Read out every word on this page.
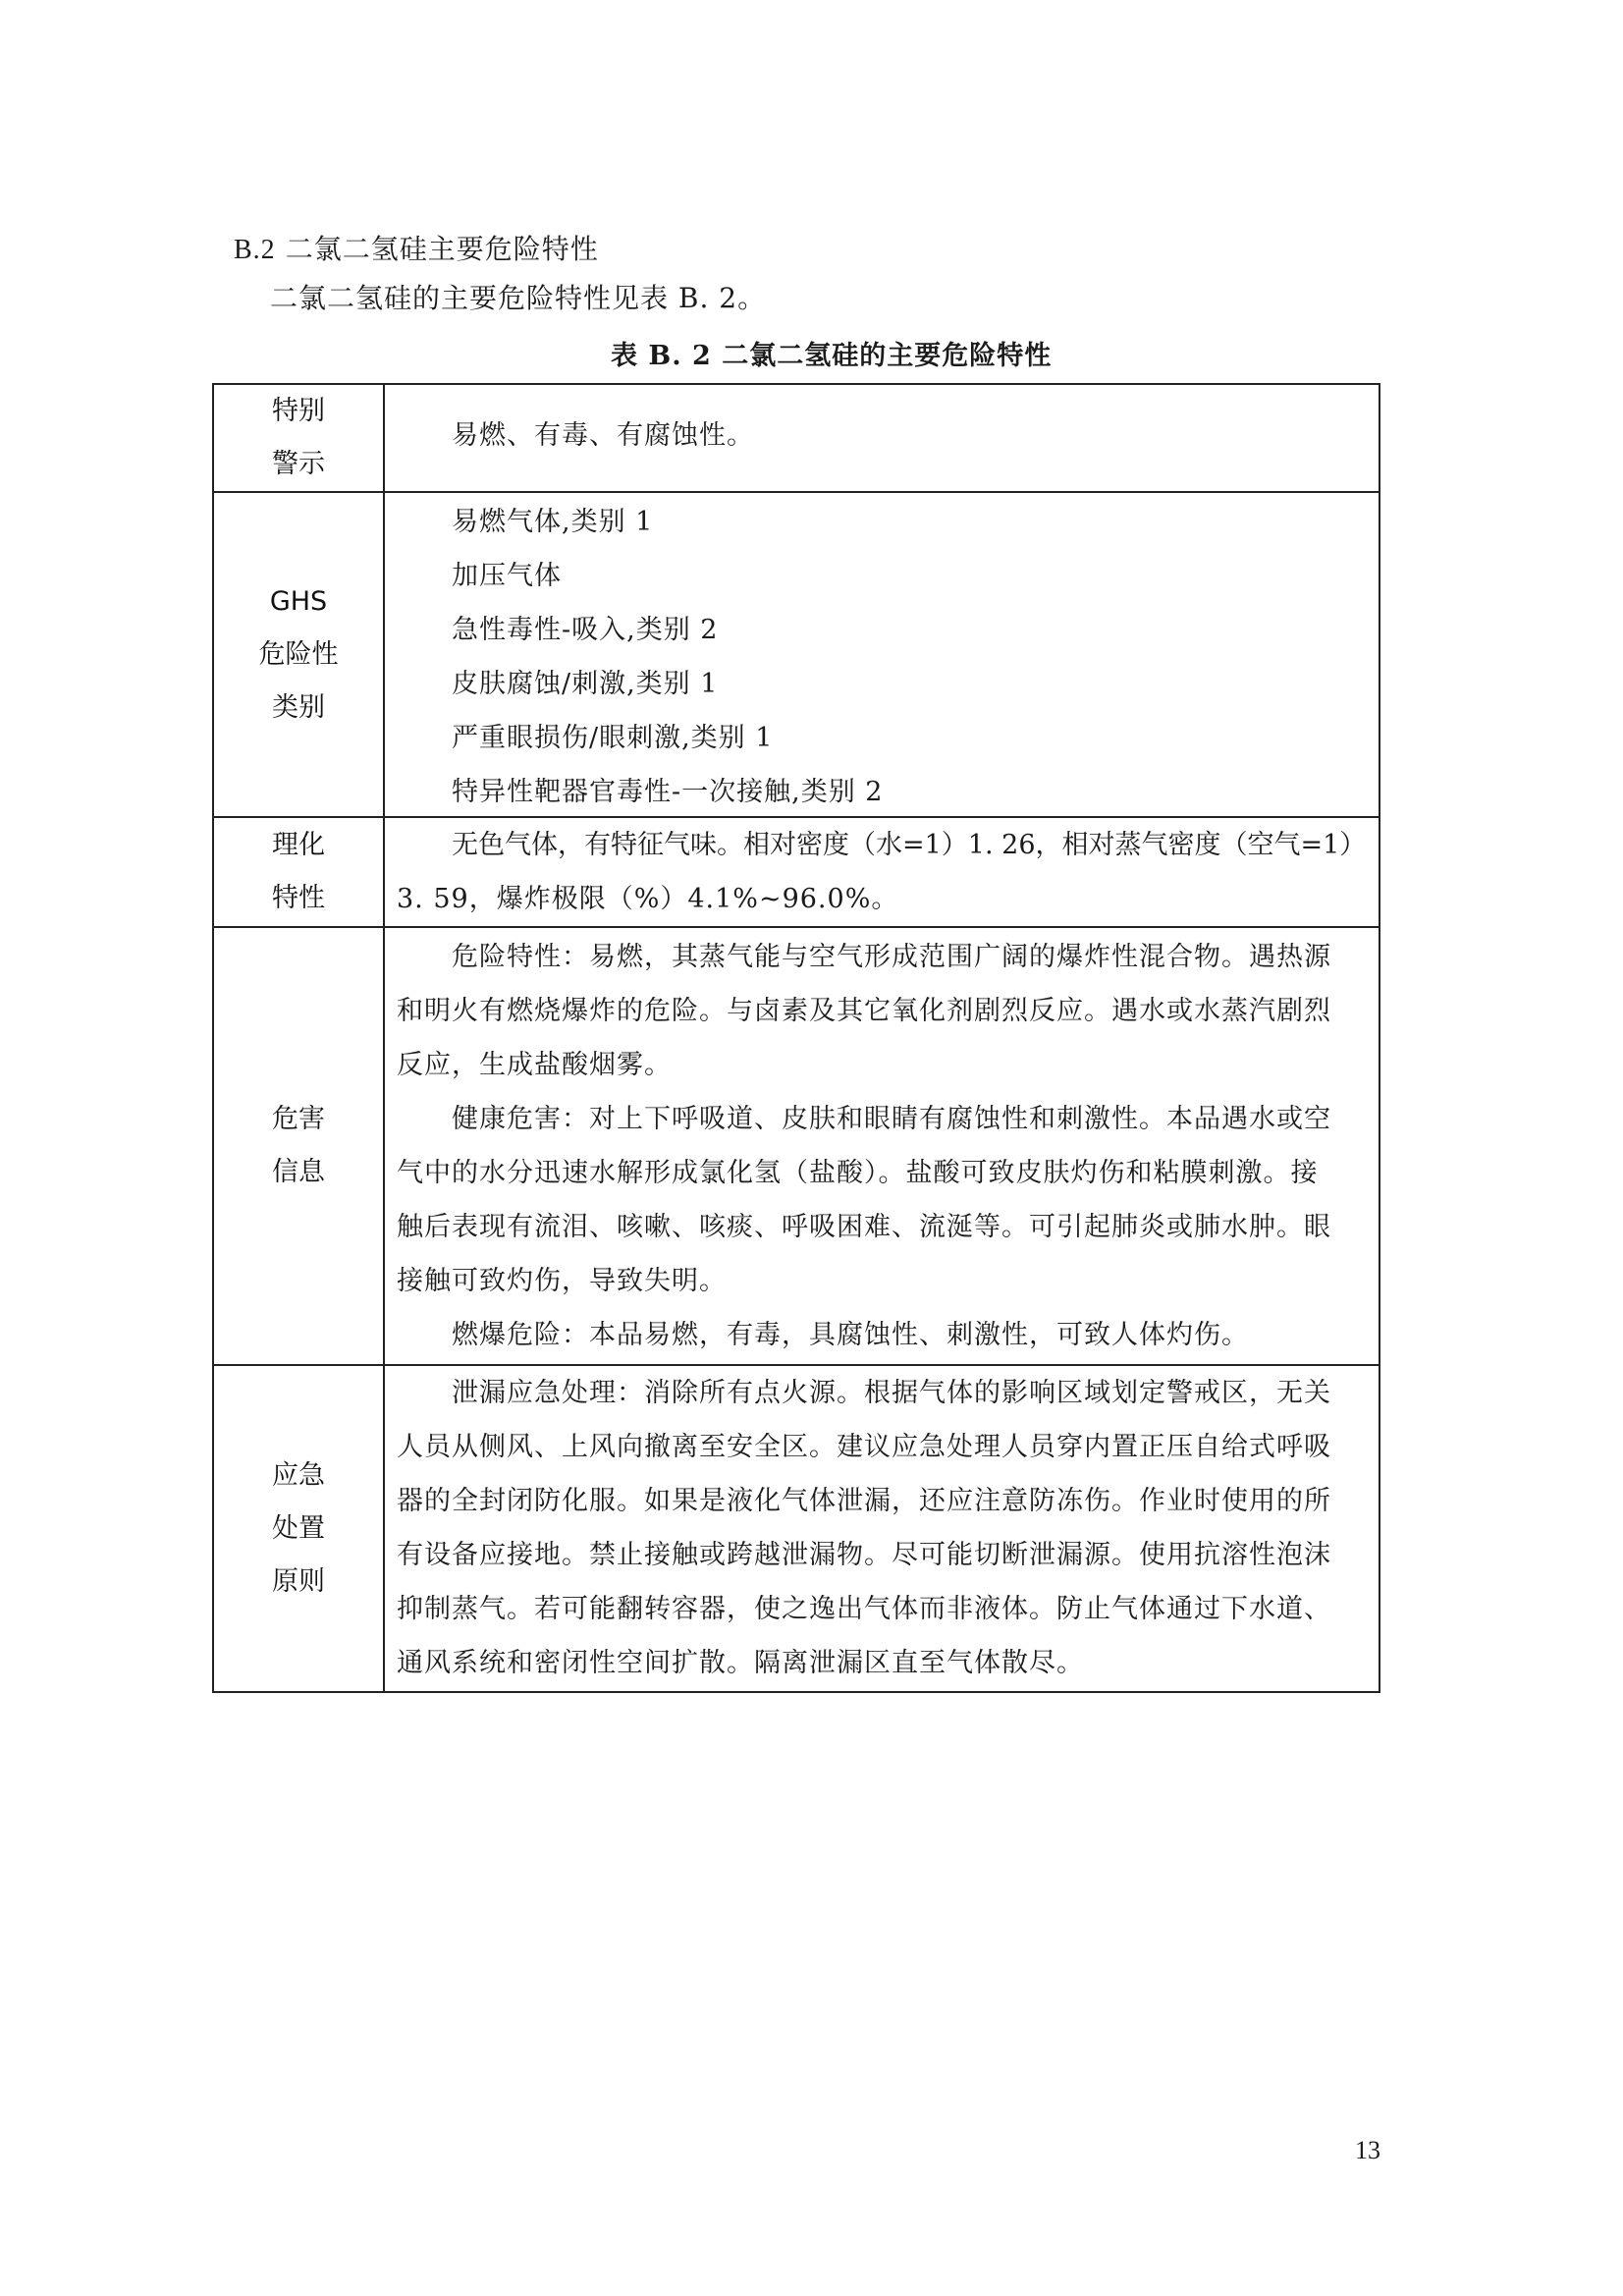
B.2 二氯二氢硅主要危险特性
二氯二氢硅的主要危险特性见表 B. 2。
表 B. 2 二氯二氢硅的主要危险特性
特别
警示
易燃、有毒、有腐蚀性。
GHS
危险性
类别
易燃气体,类别 1
加压气体
急性毒性-吸入,类别 2
皮肤腐蚀/刺激,类别 1
严重眼损伤/眼刺激,类别 1
特异性靶器官毒性-一次接触,类别 2
理化
特性
无色气体，有特征气味。相对密度（水=1）1. 26，相对蒸气密度（空气=1）
3. 59，爆炸极限（%）4.1%~96.0%。
危害
信息
危险特性：易燃，其蒸气能与空气形成范围广阔的爆炸性混合物。遇热源
和明火有燃烧爆炸的危险。与卤素及其它氧化剂剧烈反应。遇水或水蒸汽剧烈
反应，生成盐酸烟雾。
健康危害：对上下呼吸道、皮肤和眼睛有腐蚀性和刺激性。本品遇水或空
气中的水分迅速水解形成氯化氢（盐酸）。盐酸可致皮肤灼伤和粘膜刺激。接
触后表现有流泪、咳嗽、咳痰、呼吸困难、流涎等。可引起肺炎或肺水肿。眼
接触可致灼伤，导致失明。
燃爆危险：本品易燃，有毒，具腐蚀性、刺激性，可致人体灼伤。
应急
处置
原则
泄漏应急处理：消除所有点火源。根据气体的影响区域划定警戒区，无关
人员从侧风、上风向撤离至安全区。建议应急处理人员穿内置正压自给式呼吸
器的全封闭防化服。如果是液化气体泄漏，还应注意防冻伤。作业时使用的所
有设备应接地。禁止接触或跨越泄漏物。尽可能切断泄漏源。使用抗溶性泡沫
抑制蒸气。若可能翻转容器，使之逸出气体而非液体。防止气体通过下水道、
通风系统和密闭性空间扩散。隔离泄漏区直至气体散尽。
13
